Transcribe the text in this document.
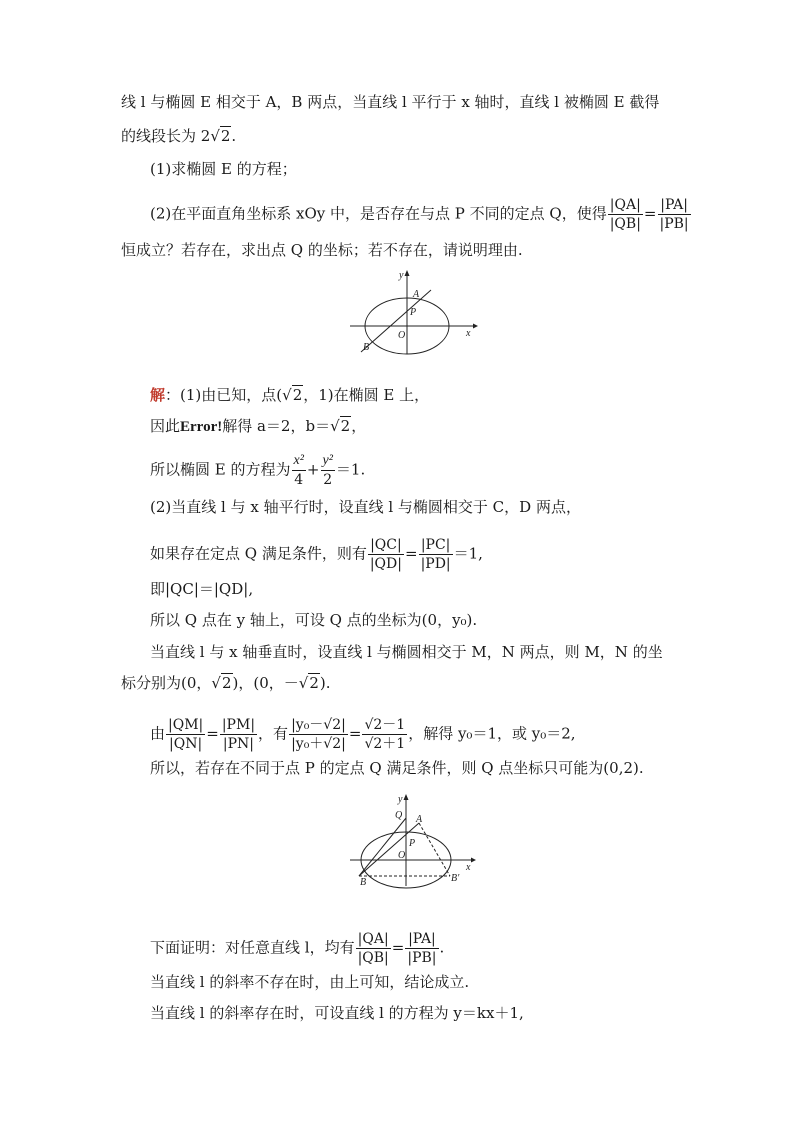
线 l 与椭圆 E 相交于 A，B 两点，当直线 l 平行于 x 轴时，直线 l 被椭圆 E 截得
的线段长为 2√2.
(1)求椭圆 E 的方程；
(2)在平面直角坐标系 xOy 中，是否存在与点 P 不同的定点 Q，使得 $\frac{|QA|}{|QB|} = \frac{|PA|}{|PB|}$
恒成立？若存在，求出点 Q 的坐标；若不存在，请说明理由.
y
x
A
P
O
B
解：(1)由已知，点(√2，1)在椭圆 E 上，
因此Error!解得 a＝2，b＝√2，
所以椭圆 E 的方程为 $\frac{\text{x²}}{4} + \frac{\text{y²}}{2} =1$.
(2)当直线 l 与 x 轴平行时，设直线 l 与椭圆相交于 C，D 两点，
如果存在定点 Q 满足条件，则有 $\frac{|QC|}{|QD|} = \frac{|PC|}{|PD|} =1$,
即|QC|＝|QD|,
所以 Q 点在 y 轴上，可设 Q 点的坐标为(0，y₀).
当直线 l 与 x 轴垂直时，设直线 l 与椭圆相交于 M，N 两点，则 M，N 的坐
标分别为(0，√2)，(0，－√2).
由 $\frac{|QM|}{|QN|} = \frac{|PM|}{|PN|}$ ，有 $\frac{\text{|y₀－√2|}}{\text{|y₀＋√2|}} = \frac{√2-1}{√2+1}$ ，解得 y₀＝1，或 y₀＝2,
所以，若存在不同于点 P 的定点 Q 满足条件，则 Q 点坐标只可能为(0,2).
y
x
Q A
P
O
B	B′
下面证明：对任意直线 l，均有 $\frac{|QA|}{|QB|} = \frac{|PA|}{|PB|}$ .
当直线 l 的斜率不存在时，由上可知，结论成立.
当直线 l 的斜率存在时，可设直线 l 的方程为 y＝kx＋1,
